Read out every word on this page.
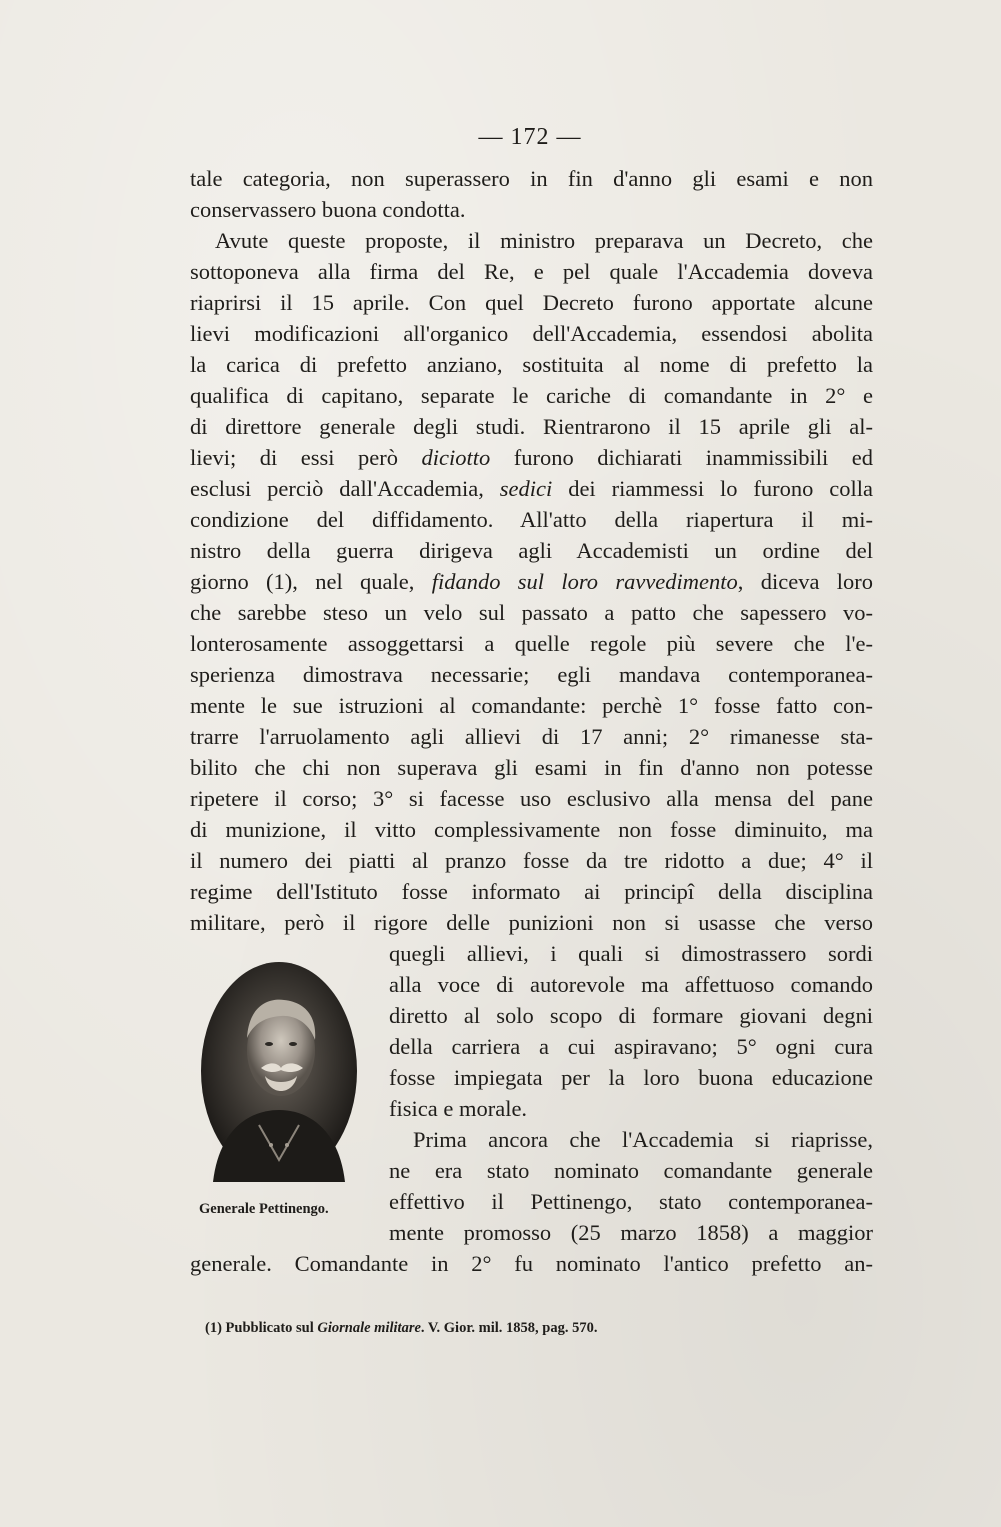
— 172 —
tale categoria, non superassero in fin d'anno gli esami e non
conservassero buona condotta.
Avute queste proposte, il ministro preparava un Decreto, che
sottoponeva alla firma del Re, e pel quale l'Accademia doveva
riaprirsi il 15 aprile. Con quel Decreto furono apportate alcune
lievi modificazioni all'organico dell'Accademia, essendosi abolita
la carica di prefetto anziano, sostituita al nome di prefetto la
qualifica di capitano, separate le cariche di comandante in 2° e
di direttore generale degli studi. Rientrarono il 15 aprile gli al-
lievi; di essi però diciotto furono dichiarati inammissibili ed
esclusi perciò dall'Accademia, sedici dei riammessi lo furono colla
condizione del diffidamento. All'atto della riapertura il mi-
nistro della guerra dirigeva agli Accademisti un ordine del
giorno (1), nel quale, fidando sul loro ravvedimento, diceva loro
che sarebbe steso un velo sul passato a patto che sapessero vo-
lonterosamente assoggettarsi a quelle regole più severe che l'e-
sperienza dimostrava necessarie; egli mandava contemporanea-
mente le sue istruzioni al comandante: perchè 1° fosse fatto con-
trarre l'arruolamento agli allievi di 17 anni; 2° rimanesse sta-
bilito che chi non superava gli esami in fin d'anno non potesse
ripetere il corso; 3° si facesse uso esclusivo alla mensa del pane
di munizione, il vitto complessivamente non fosse diminuito, ma
il numero dei piatti al pranzo fosse da tre ridotto a due; 4° il
regime dell'Istituto fosse informato ai principî della disciplina
militare, però il rigore delle punizioni non si usasse che verso
quegli allievi, i quali si dimostrassero sordi
alla voce di autorevole ma affettuoso comando
diretto al solo scopo di formare giovani degni
della carriera a cui aspiravano; 5° ogni cura
fosse impiegata per la loro buona educazione
fisica e morale.
Prima ancora che l'Accademia si riaprisse,
ne era stato nominato comandante generale
effettivo il Pettinengo, stato contemporanea-
mente promosso (25 marzo 1858) a maggior
generale. Comandante in 2° fu nominato l'antico prefetto an-
Generale Pettinengo.
(1) Pubblicato sul Giornale militare. V. Gior. mil. 1858, pag. 570.
